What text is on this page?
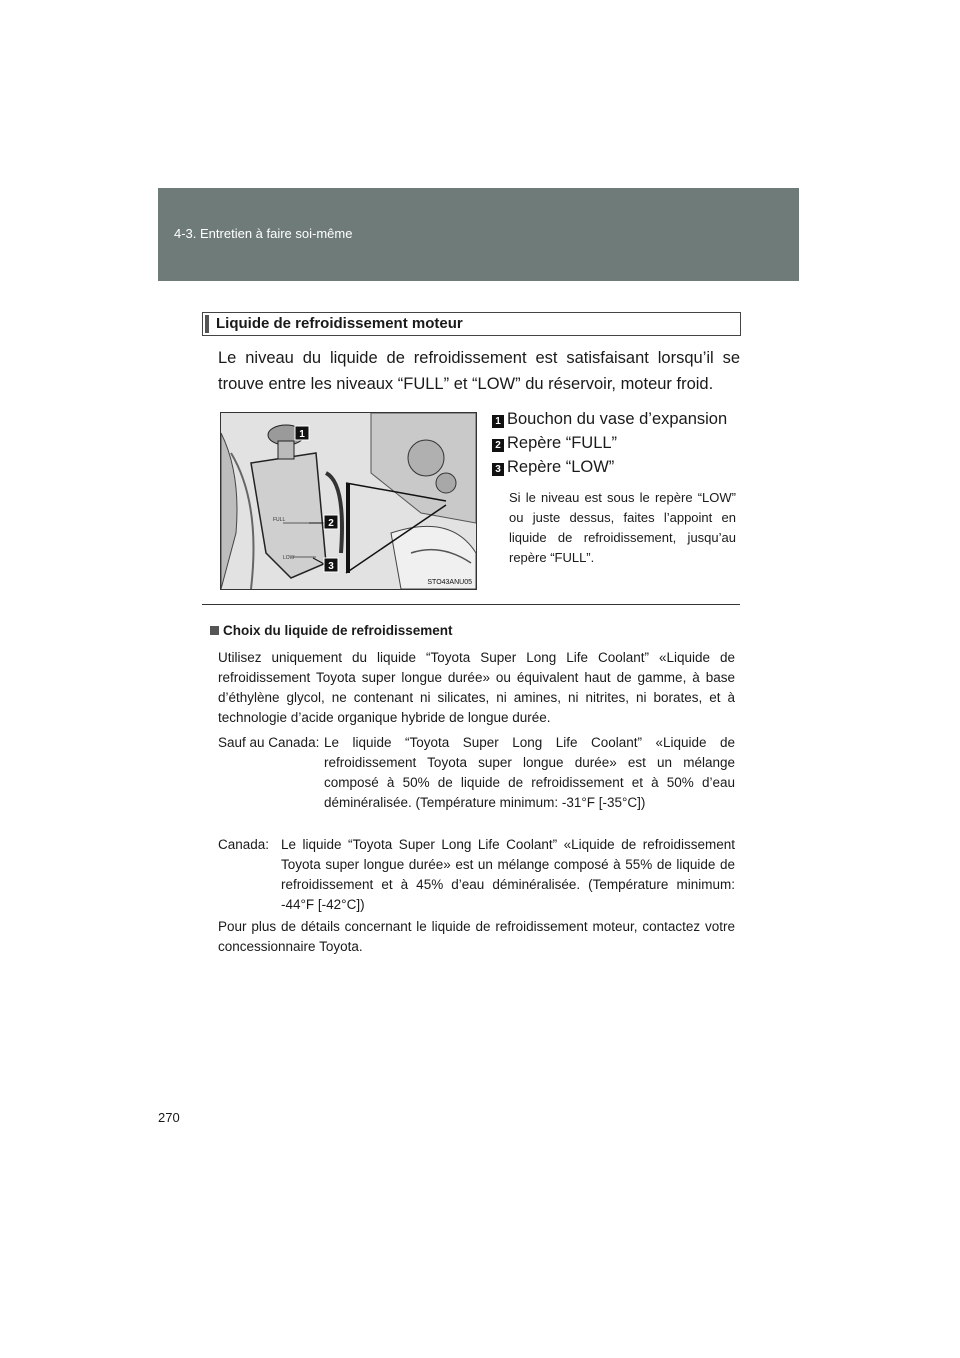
4-3. Entretien à faire soi-même
Liquide de refroidissement moteur

Le niveau du liquide de refroidissement est satisfaisant lorsqu’il se

trouve entre les niveaux “FULL” et “LOW” du réservoir, moteur froid.

FULL
LOW
1
2
3
STO43ANU05
1 Bouchon du vase d’expansion
2 Repère “FULL”
3 Repère “LOW”
Si le niveau est sous le repère “LOW” ou juste dessus, faites l’appoint en liquide de refroidissement, jusqu’au repère “FULL”.
Choix du liquide de refroidissement
Utilisez uniquement du liquide “Toyota Super Long Life Coolant” «Liquide de refroidissement Toyota super longue durée» ou équivalent haut de gamme, à base d’éthylène glycol, ne contenant ni silicates, ni amines, ni nitrites, ni borates, et à technologie d’acide organique hybride de longue durée.
Sauf au Canada: Le liquide “Toyota Super Long Life Coolant” «Liquide de refroidissement Toyota super longue durée» est un mélange composé à 50% de liquide de refroidissement et à 50% d’eau déminéralisée. (Température minimum: -31°F [-35°C])
Canada: Le liquide “Toyota Super Long Life Coolant” «Liquide de refroidissement Toyota super longue durée» est un mélange composé à 55% de liquide de refroidissement et à 45% d’eau déminéralisée. (Température minimum: -44°F [-42°C])
Pour plus de détails concernant le liquide de refroidissement moteur, contactez votre concessionnaire Toyota.
270
